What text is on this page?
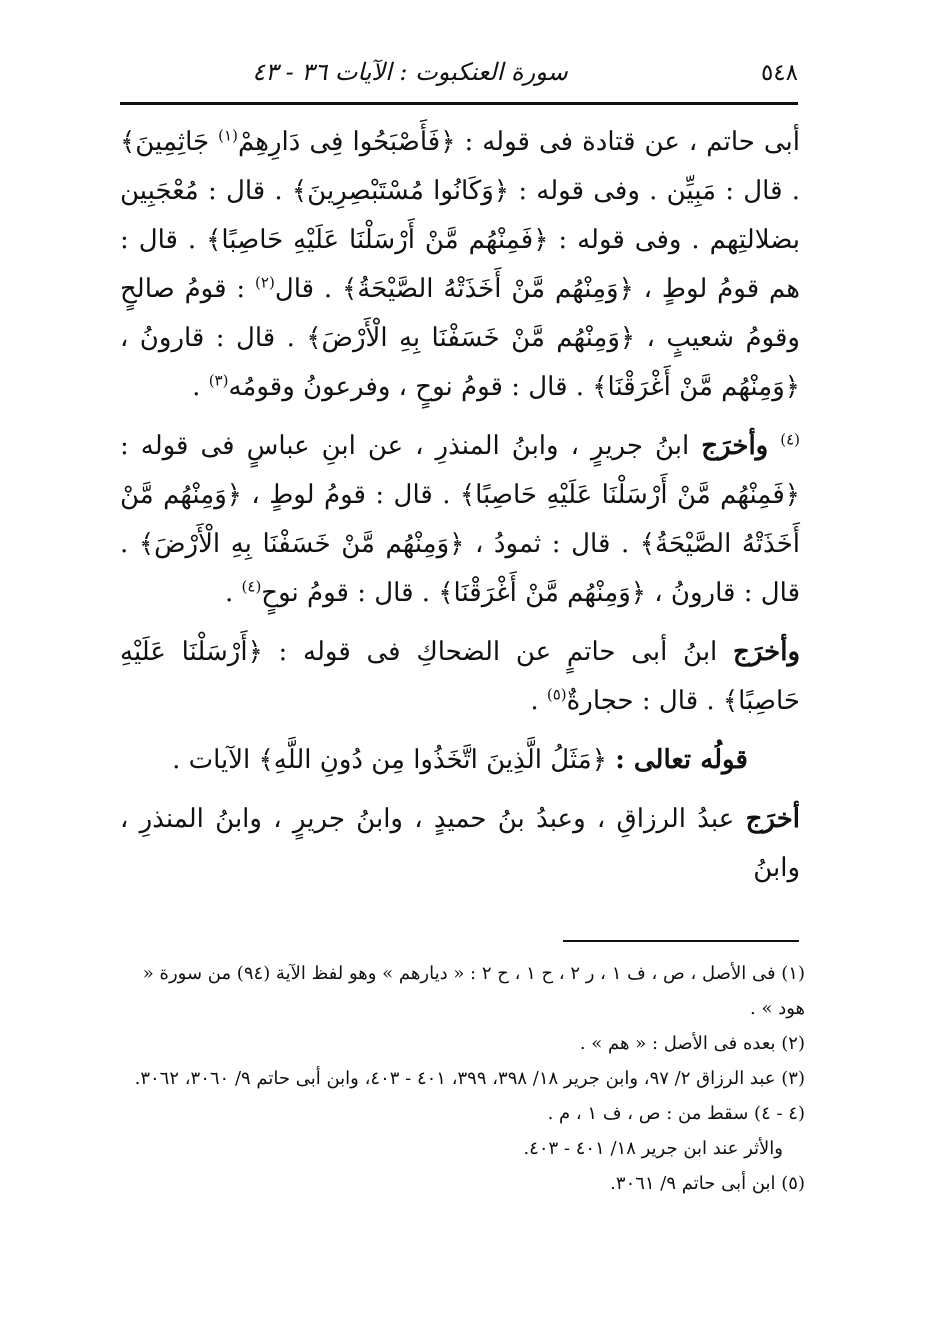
٥٤٨
سورة العنكبوت : الآيات ٣٦ - ٤٣

أبى حاتم ، عن قتادة فى قوله : ﴿فَأَصْبَحُوا فِى دَارِهِمْ$^{(١)}$ جَاثِمِينَ﴾ . قال : مَبِيِّن . وفى قوله : ﴿وَكَانُوا مُسْتَبْصِرِينَ﴾ . قال : مُعْجَبِين بضلالتِهم . وفى قوله : ﴿فَمِنْهُم مَّنْ أَرْسَلْنَا عَلَيْهِ حَاصِبًا﴾ . قال : هم قومُ لوطٍ ، ﴿وَمِنْهُم مَّنْ أَخَذَتْهُ الصَّيْحَةُ﴾ . قال$^{(٢)}$ : قومُ صالحٍ وقومُ شعيبٍ ، ﴿وَمِنْهُم مَّنْ خَسَفْنَا بِهِ الْأَرْضَ﴾ . قال : قارونُ ، ﴿وَمِنْهُم مَّنْ أَغْرَقْنَا﴾ . قال : قومُ نوحٍ ، وفرعونُ وقومُه$^{(٣)}$ .

$^{(٤)}$ وأخرَج ابنُ جريرٍ ، وابنُ المنذرِ ، عن ابنِ عباسٍ فى قوله : ﴿فَمِنْهُم مَّنْ أَرْسَلْنَا عَلَيْهِ حَاصِبًا﴾ . قال : قومُ لوطٍ ، ﴿وَمِنْهُم مَّنْ أَخَذَتْهُ الصَّيْحَةُ﴾ . قال : ثمودُ ، ﴿وَمِنْهُم مَّنْ خَسَفْنَا بِهِ الْأَرْضَ﴾ . قال : قارونُ ، ﴿وَمِنْهُم مَّنْ أَغْرَقْنَا﴾ . قال : قومُ نوحٍ$^{(٤)}$ .

وأخرَج ابنُ أبى حاتمٍ عن الضحاكِ فى قوله : ﴿أَرْسَلْنَا عَلَيْهِ حَاصِبًا﴾ . قال : حجارةٌ$^{(٥)}$ .

قولُه تعالى : ﴿مَثَلُ الَّذِينَ اتَّخَذُوا مِن دُونِ اللَّهِ﴾ الآيات .

أخرَج عبدُ الرزاقِ ، وعبدُ بنُ حميدٍ ، وابنُ جريرٍ ، وابنُ المنذرِ ، وابنُ

(١) فى الأصل ، ص ، ف ١ ، ر ٢ ، ح ١ ، ح ٢ : « ديارهم » وهو لفظ الآية (٩٤) من سورة « هود » .

(٢) بعده فى الأصل : « هم » .

(٣) عبد الرزاق ٢/ ٩٧، وابن جرير ١٨/ ٣٩٨، ٣٩٩، ٤٠١ - ٤٠٣، وابن أبى حاتم ٩/ ٣٠٦٠، ٣٠٦٢.

(٤ - ٤) سقط من : ص ، ف ١ ، م .

والأثر عند ابن جرير ١٨/ ٤٠١ - ٤٠٣.

(٥) ابن أبى حاتم ٩/ ٣٠٦١.
